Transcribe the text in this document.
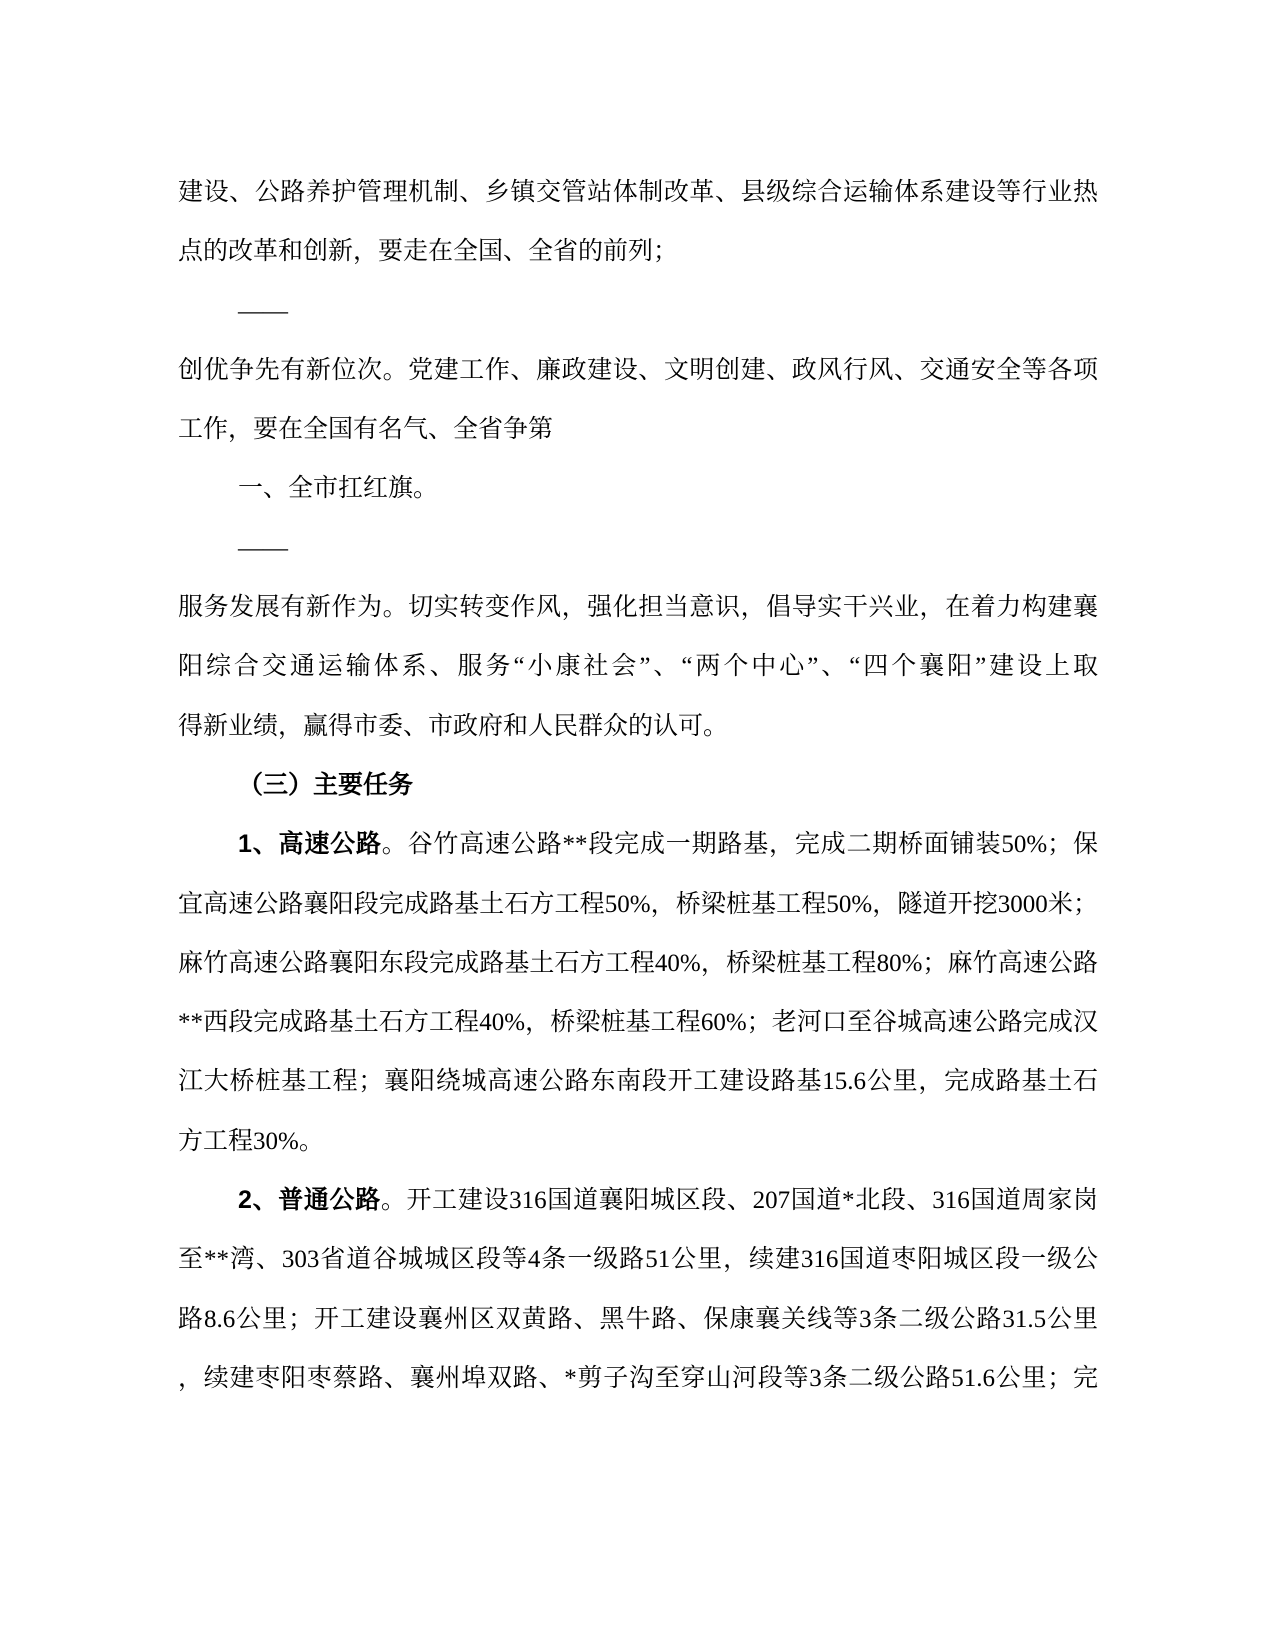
建设、公路养护管理机制、乡镇交管站体制改革、县级综合运输体系建设等行业热
点的改革和创新，要走在全国、全省的前列；
——
创优争先有新位次。党建工作、廉政建设、文明创建、政风行风、交通安全等各项
工作，要在全国有名气、全省争第
一、全市扛红旗。
——
服务发展有新作为。切实转变作风，强化担当意识，倡导实干兴业，在着力构建襄
阳综合交通运输体系、服务“小康社会”、“两个中心”、“四个襄阳”建设上取
得新业绩，赢得市委、市政府和人民群众的认可。
（三）主要任务
1、高速公路。谷竹高速公路**段完成一期路基，完成二期桥面铺装50%；保
宜高速公路襄阳段完成路基土石方工程50%，桥梁桩基工程50%，隧道开挖3000米；
麻竹高速公路襄阳东段完成路基土石方工程40%，桥梁桩基工程80%；麻竹高速公路
**西段完成路基土石方工程40%，桥梁桩基工程60%；老河口至谷城高速公路完成汉
江大桥桩基工程；襄阳绕城高速公路东南段开工建设路基15.6公里，完成路基土石
方工程30%。
2、普通公路。开工建设316国道襄阳城区段、207国道*北段、316国道周家岗
至**湾、303省道谷城城区段等4条一级路51公里，续建316国道枣阳城区段一级公
路8.6公里；开工建设襄州区双黄路、黑牛路、保康襄关线等3条二级公路31.5公里
，续建枣阳枣蔡路、襄州埠双路、*剪子沟至穿山河段等3条二级公路51.6公里；完
